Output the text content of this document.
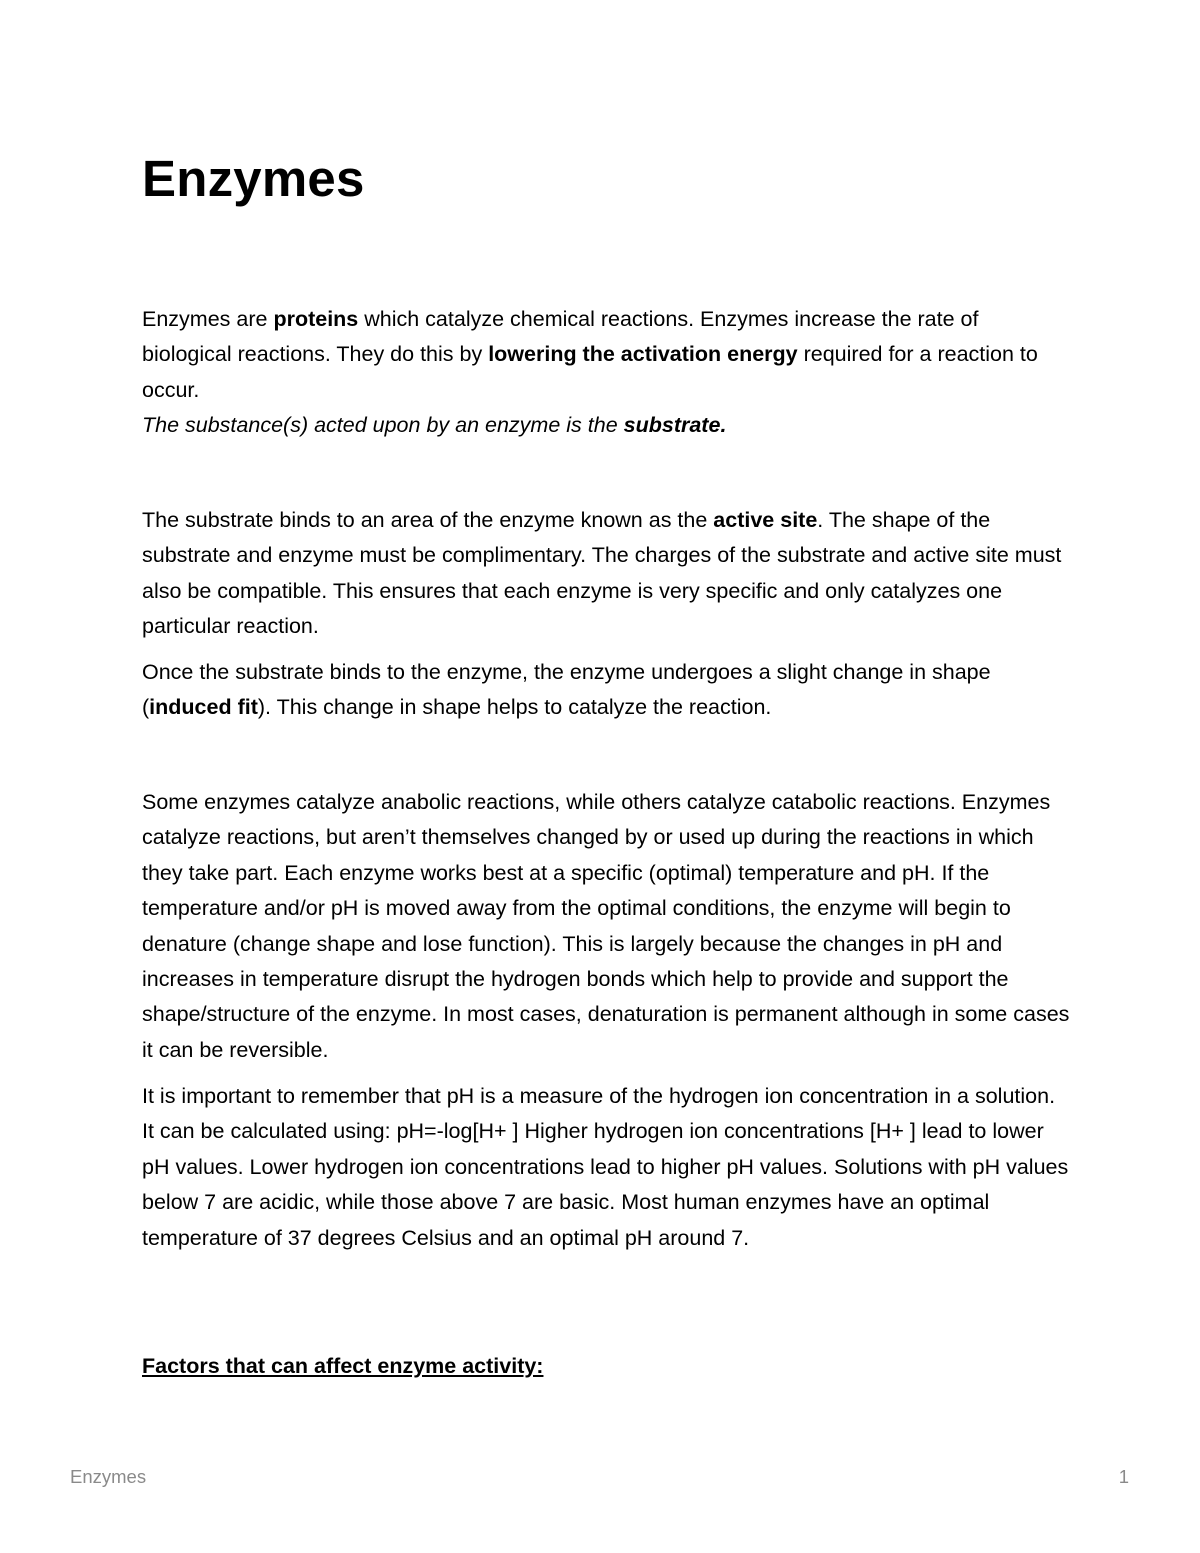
Enzymes

Enzymes are proteins which catalyze chemical reactions. Enzymes increase the rate of biological reactions. They do this by lowering the activation energy required for a reaction to occur.

The substance(s) acted upon by an enzyme is the substrate.

The substrate binds to an area of the enzyme known as the active site. The shape of the substrate and enzyme must be complimentary. The charges of the substrate and active site must also be compatible. This ensures that each enzyme is very specific and only catalyzes one particular reaction.

Once the substrate binds to the enzyme, the enzyme undergoes a slight change in shape (induced fit). This change in shape helps to catalyze the reaction.

Some enzymes catalyze anabolic reactions, while others catalyze catabolic reactions. Enzymes catalyze reactions, but aren’t themselves changed by or used up during the reactions in which they take part. Each enzyme works best at a specific (optimal) temperature and pH. If the temperature and/or pH is moved away from the optimal conditions, the enzyme will begin to denature (change shape and lose function). This is largely because the changes in pH and increases in temperature disrupt the hydrogen bonds which help to provide and support the shape/structure of the enzyme. In most cases, denaturation is permanent although in some cases it can be reversible.

It is important to remember that pH is a measure of the hydrogen ion concentration in a solution. It can be calculated using: pH=-log[H+ ] Higher hydrogen ion concentrations [H+ ] lead to lower pH values. Lower hydrogen ion concentrations lead to higher pH values. Solutions with pH values below 7 are acidic, while those above 7 are basic. Most human enzymes have an optimal temperature of 37 degrees Celsius and an optimal pH around 7.

Factors that can affect enzyme activity:
Enzymes	1
